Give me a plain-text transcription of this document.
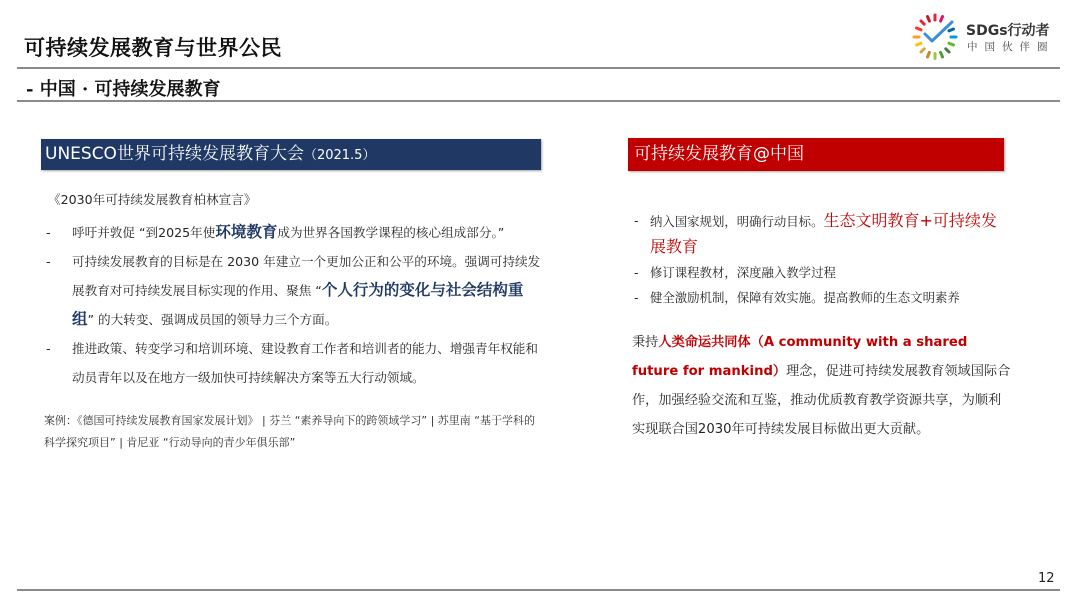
可持续发展教育与世界公民
- 中国 · 可持续发展教育
SDGs行动者
中国伙伴圈
UNESCO世界可持续发展教育大会（2021.5）
《2030年可持续发展教育柏林宣言》
- 呼吁并敦促 “到2025年使环境教育成为世界各国教学课程的核心组成部分。”
- 可持续发展教育的目标是在 2030 年建立一个更加公正和公平的环境。强调可持续发展教育对可持续发展目标实现的作用、聚焦 “个人行为的变化与社会结构重组” 的大转变、强调成员国的领导力三个方面。
- 推进政策、转变学习和培训环境、建设教育工作者和培训者的能力、增强青年权能和动员青年以及在地方一级加快可持续解决方案等五大行动领域。
案例：《德国可持续发展教育国家发展计划》 | 芬兰 “素养导向下的跨领域学习” | 苏里南 “基于学科的科学探究项目” | 肯尼亚 “行动导向的青少年俱乐部”
可持续发展教育@中国
- 纳入国家规划，明确行动目标。生态文明教育+可持续发展教育
- 修订课程教材，深度融入教学过程
- 健全激励机制，保障有效实施。提高教师的生态文明素养
秉持人类命运共同体（A community with a shared future for mankind）理念，促进可持续发展教育领域国际合作，加强经验交流和互鉴，推动优质教育教学资源共享，为顺利实现联合国2030年可持续发展目标做出更大贡献。
12
